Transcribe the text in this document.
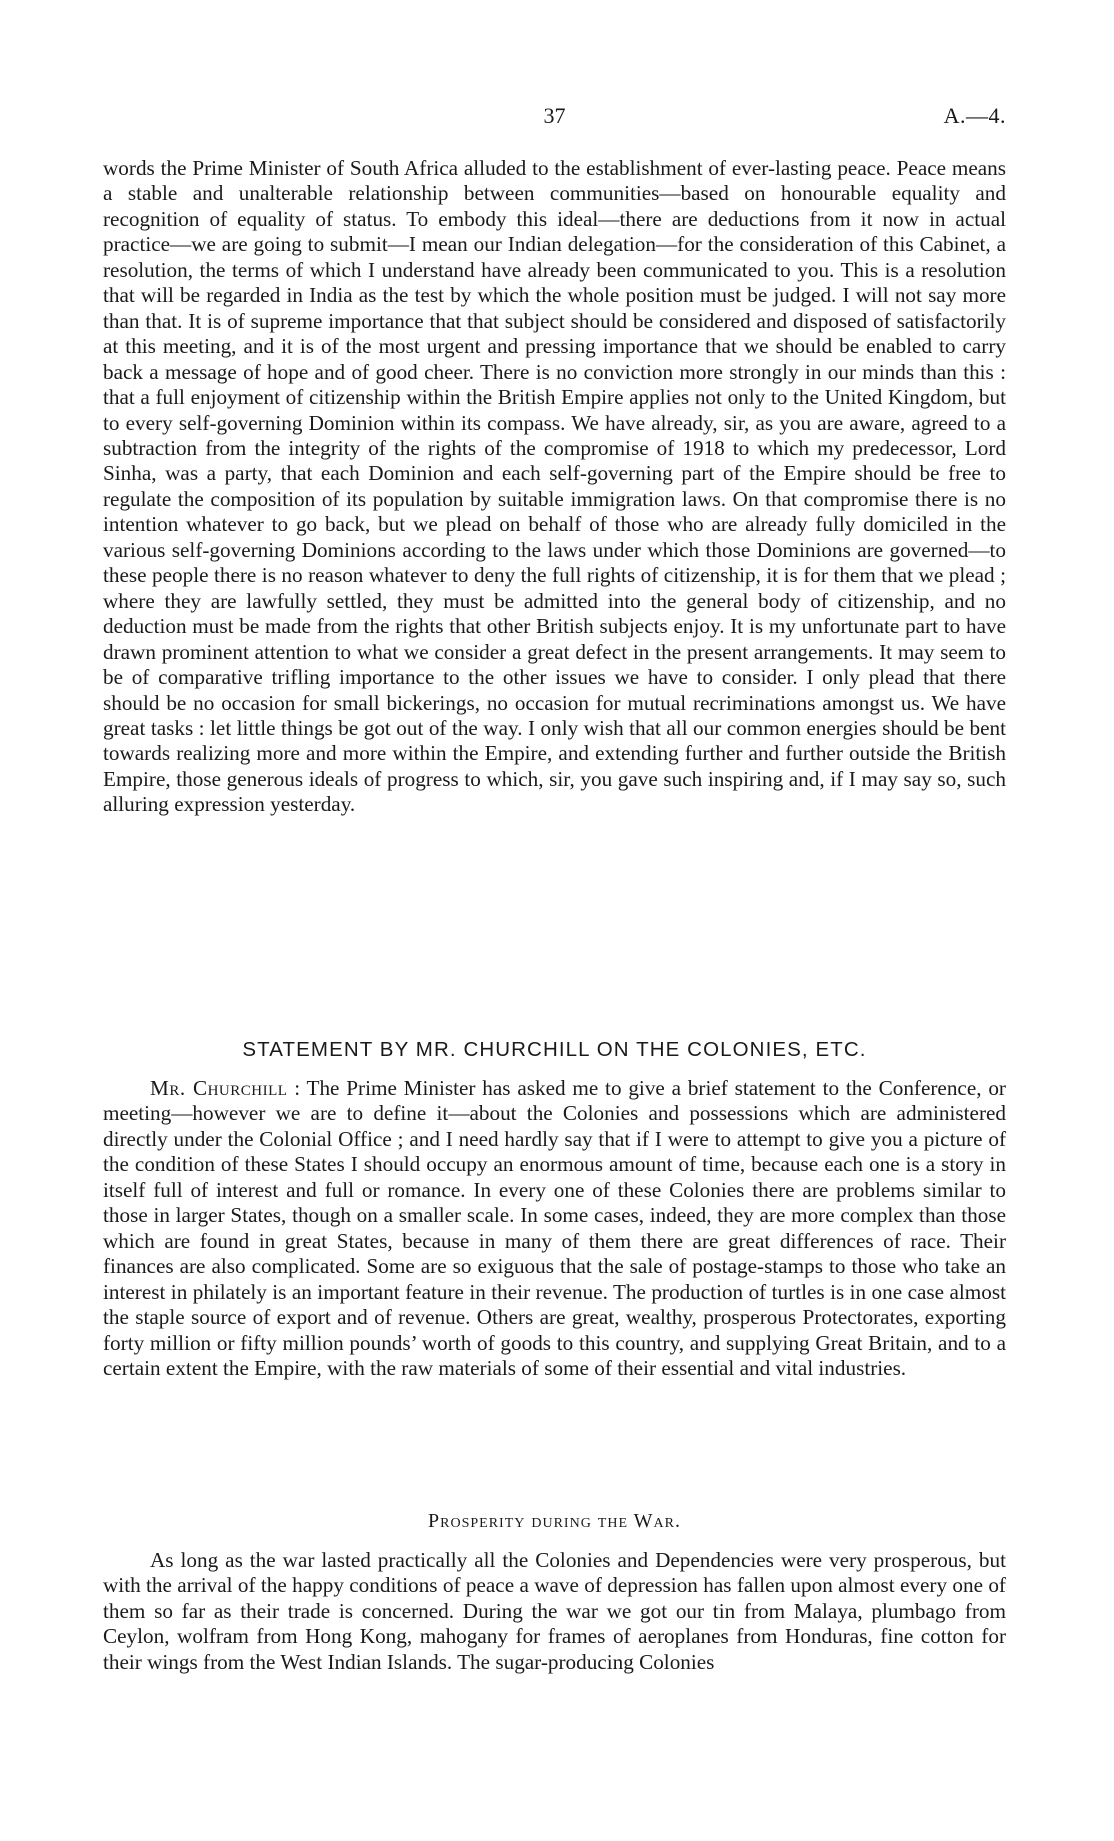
37	A.—4.

words the Prime Minister of South Africa alluded to the establishment of ever-lasting peace. Peace means a stable and unalterable relationship between communities—based on honourable equality and recognition of equality of status. To embody this ideal—there are deductions from it now in actual practice—we are going to submit—I mean our Indian delegation—for the consideration of this Cabinet, a resolution, the terms of which I understand have already been communicated to you. This is a resolution that will be regarded in India as the test by which the whole position must be judged. I will not say more than that. It is of supreme importance that that subject should be considered and disposed of satisfactorily at this meeting, and it is of the most urgent and pressing importance that we should be enabled to carry back a message of hope and of good cheer. There is no conviction more strongly in our minds than this : that a full enjoyment of citizenship within the British Empire applies not only to the United Kingdom, but to every self-governing Dominion within its compass. We have already, sir, as you are aware, agreed to a subtraction from the integrity of the rights of the compromise of 1918 to which my predecessor, Lord Sinha, was a party, that each Dominion and each self-governing part of the Empire should be free to regulate the composition of its population by suitable immigration laws. On that compromise there is no intention whatever to go back, but we plead on behalf of those who are already fully domiciled in the various self-governing Dominions according to the laws under which those Dominions are governed—to these people there is no reason whatever to deny the full rights of citizenship, it is for them that we plead ; where they are lawfully settled, they must be admitted into the general body of citizenship, and no deduction must be made from the rights that other British subjects enjoy. It is my unfortunate part to have drawn prominent attention to what we consider a great defect in the present arrangements. It may seem to be of comparative trifling importance to the other issues we have to consider. I only plead that there should be no occasion for small bickerings, no occasion for mutual recriminations amongst us. We have great tasks : let little things be got out of the way. I only wish that all our common energies should be bent towards realizing more and more within the Empire, and extending further and further outside the British Empire, those generous ideals of progress to which, sir, you gave such inspiring and, if I may say so, such alluring expression yesterday.

STATEMENT BY MR. CHURCHILL ON THE COLONIES, ETC.

Mr. Churchill : The Prime Minister has asked me to give a brief statement to the Conference, or meeting—however we are to define it—about the Colonies and possessions which are administered directly under the Colonial Office ; and I need hardly say that if I were to attempt to give you a picture of the condition of these States I should occupy an enormous amount of time, because each one is a story in itself full of interest and full or romance. In every one of these Colonies there are problems similar to those in larger States, though on a smaller scale. In some cases, indeed, they are more complex than those which are found in great States, because in many of them there are great differences of race. Their finances are also complicated. Some are so exiguous that the sale of postage-stamps to those who take an interest in philately is an important feature in their revenue. The production of turtles is in one case almost the staple source of export and of revenue. Others are great, wealthy, prosperous Protectorates, exporting forty million or fifty million pounds’ worth of goods to this country, and supplying Great Britain, and to a certain extent the Empire, with the raw materials of some of their essential and vital industries.

Prosperity during the War.

As long as the war lasted practically all the Colonies and Dependencies were very prosperous, but with the arrival of the happy conditions of peace a wave of depression has fallen upon almost every one of them so far as their trade is concerned. During the war we got our tin from Malaya, plumbago from Ceylon, wolfram from Hong Kong, mahogany for frames of aeroplanes from Honduras, fine cotton for their wings from the West Indian Islands. The sugar-producing Colonies
